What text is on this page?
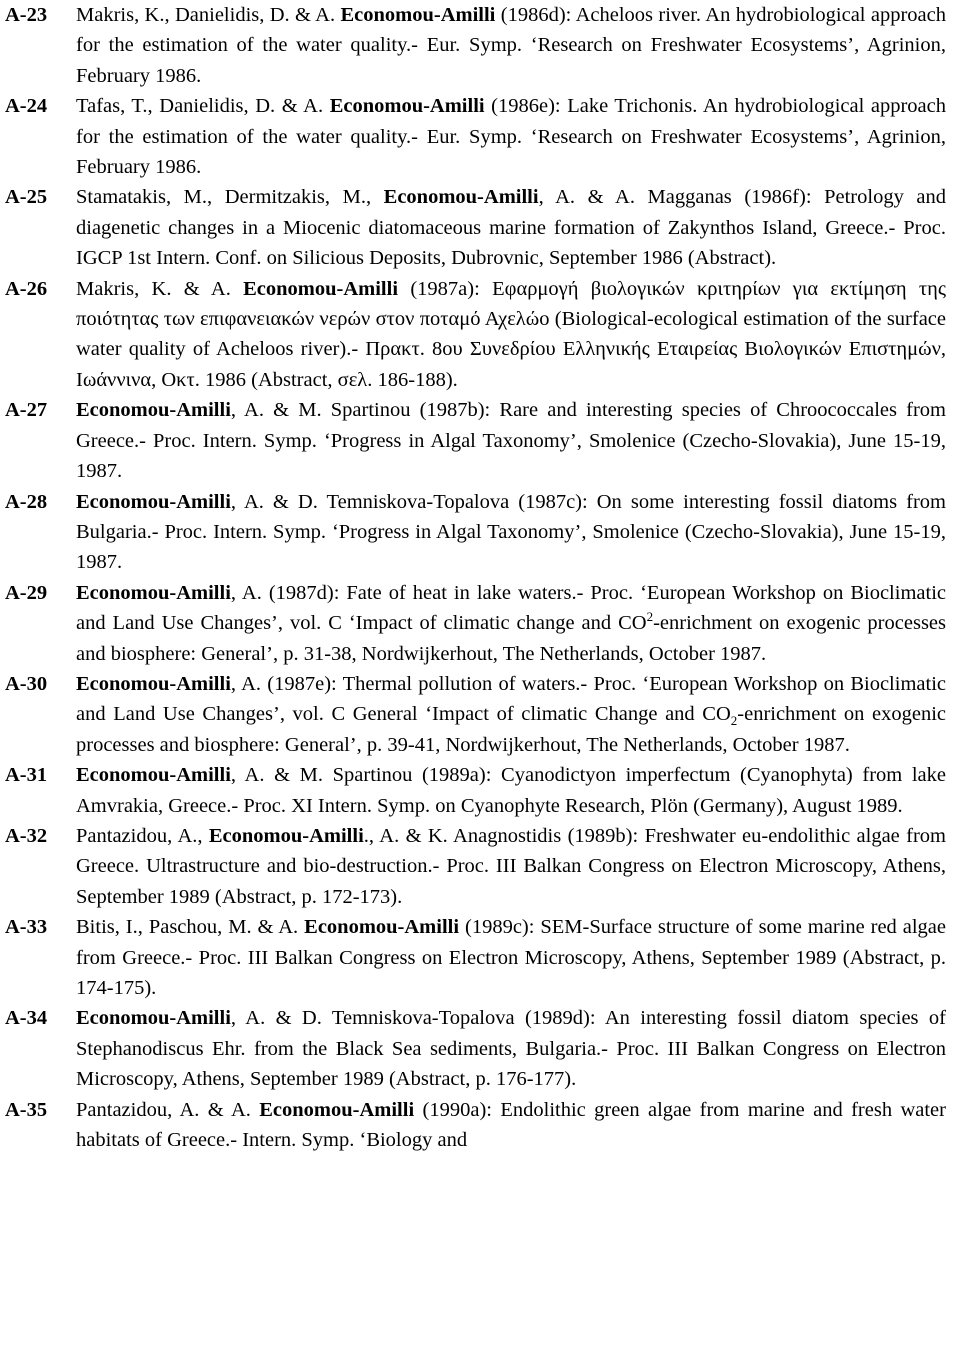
A-23	Makris, K., Danielidis, D. & A. Economou-Amilli (1986d): Acheloos river. An hydrobiological approach for the estimation of the water quality.- Eur. Symp. ‘Research on Freshwater Ecosystems’, Agrinion, February 1986.
A-24	Tafas, T., Danielidis, D. & A. Economou-Amilli (1986e): Lake Trichonis. An hydrobiological approach for the estimation of the water quality.- Eur. Symp. ‘Research on Freshwater Ecosystems’, Agrinion, February 1986.
A-25	Stamatakis, M., Dermitzakis, M., Economou-Amilli, A. & A. Magganas (1986f): Petrology and diagenetic changes in a Miocenic diatomaceous marine formation of Zakynthos Island, Greece.- Proc. IGCP 1st Intern. Conf. on Silicious Deposits, Dubrovnic, September 1986 (Abstract).
A-26	Makris, K. & A. Economou-Amilli (1987a): Εφαρμογή βιολογικών κριτηρίων για εκτίμηση της ποιότητας των επιφανειακών νερών στον ποταμό Αχελώο (Biological-ecological estimation of the surface water quality of Acheloos river).- Πρακτ. 8ου Συνεδρίου Ελληνικής Εταιρείας Βιολογικών Επιστημών, Ιωάννινα, Οκτ. 1986 (Abstract, σελ. 186-188).
A-27	Economou-Amilli, A. & M. Spartinou (1987b): Rare and interesting species of Chroococcales from Greece.- Proc. Intern. Symp. ‘Progress in Algal Taxonomy’, Smolenice (Czecho-Slovakia), June 15-19, 1987.
A-28	Economou-Amilli, A. & D. Temniskova-Topalova (1987c): On some interesting fossil diatoms from Bulgaria.- Proc. Intern. Symp. ‘Progress in Algal Taxonomy’, Smolenice (Czecho-Slovakia), June 15-19, 1987.
A-29	Economou-Amilli, A. (1987d): Fate of heat in lake waters.- Proc. ‘European Workshop on Bioclimatic and Land Use Changes’, vol. C ‘Impact of climatic change and $CO^2$-enrichment on exogenic processes and biosphere: General’, p. 31-38, Nordwijkerhout, The Netherlands, October 1987.
A-30	Economou-Amilli, A. (1987e): Thermal pollution of waters.- Proc. ‘European Workshop on Bioclimatic and Land Use Changes’, vol. C General ‘Impact of climatic Change and $CO_2$-enrichment on exogenic processes and biosphere: General’, p. 39-41, Nordwijkerhout, The Netherlands, October 1987.
A-31	Economou-Amilli, A. & M. Spartinou (1989a): Cyanodictyon imperfectum (Cyanophyta) from lake Amvrakia, Greece.- Proc. XI Intern. Symp. on Cyanophyte Research, Plön (Germany), August 1989.
A-32	Pantazidou, A., Economou-Amilli., A. & K. Anagnostidis (1989b): Freshwater eu-endolithic algae from Greece. Ultrastructure and bio-destruction.- Proc. III Balkan Congress on Electron Microscopy, Athens, September 1989 (Abstract, p. 172-173).
A-33	Bitis, I., Paschou, M. & A. Economou-Amilli (1989c): SEM-Surface structure of some marine red algae from Greece.- Proc. III Balkan Congress on Electron Microscopy, Athens, September 1989 (Abstract, p. 174-175).
A-34	Economou-Amilli, A. & D. Temniskova-Topalova (1989d): An interesting fossil diatom species of Stephanodiscus Ehr. from the Black Sea sediments, Bulgaria.- Proc. III Balkan Congress on Electron Microscopy, Athens, September 1989 (Abstract, p. 176-177).
A-35	Pantazidou, A. & A. Economou-Amilli (1990a): Endolithic green algae from marine and fresh water habitats of Greece.- Intern. Symp. ‘Biology and
